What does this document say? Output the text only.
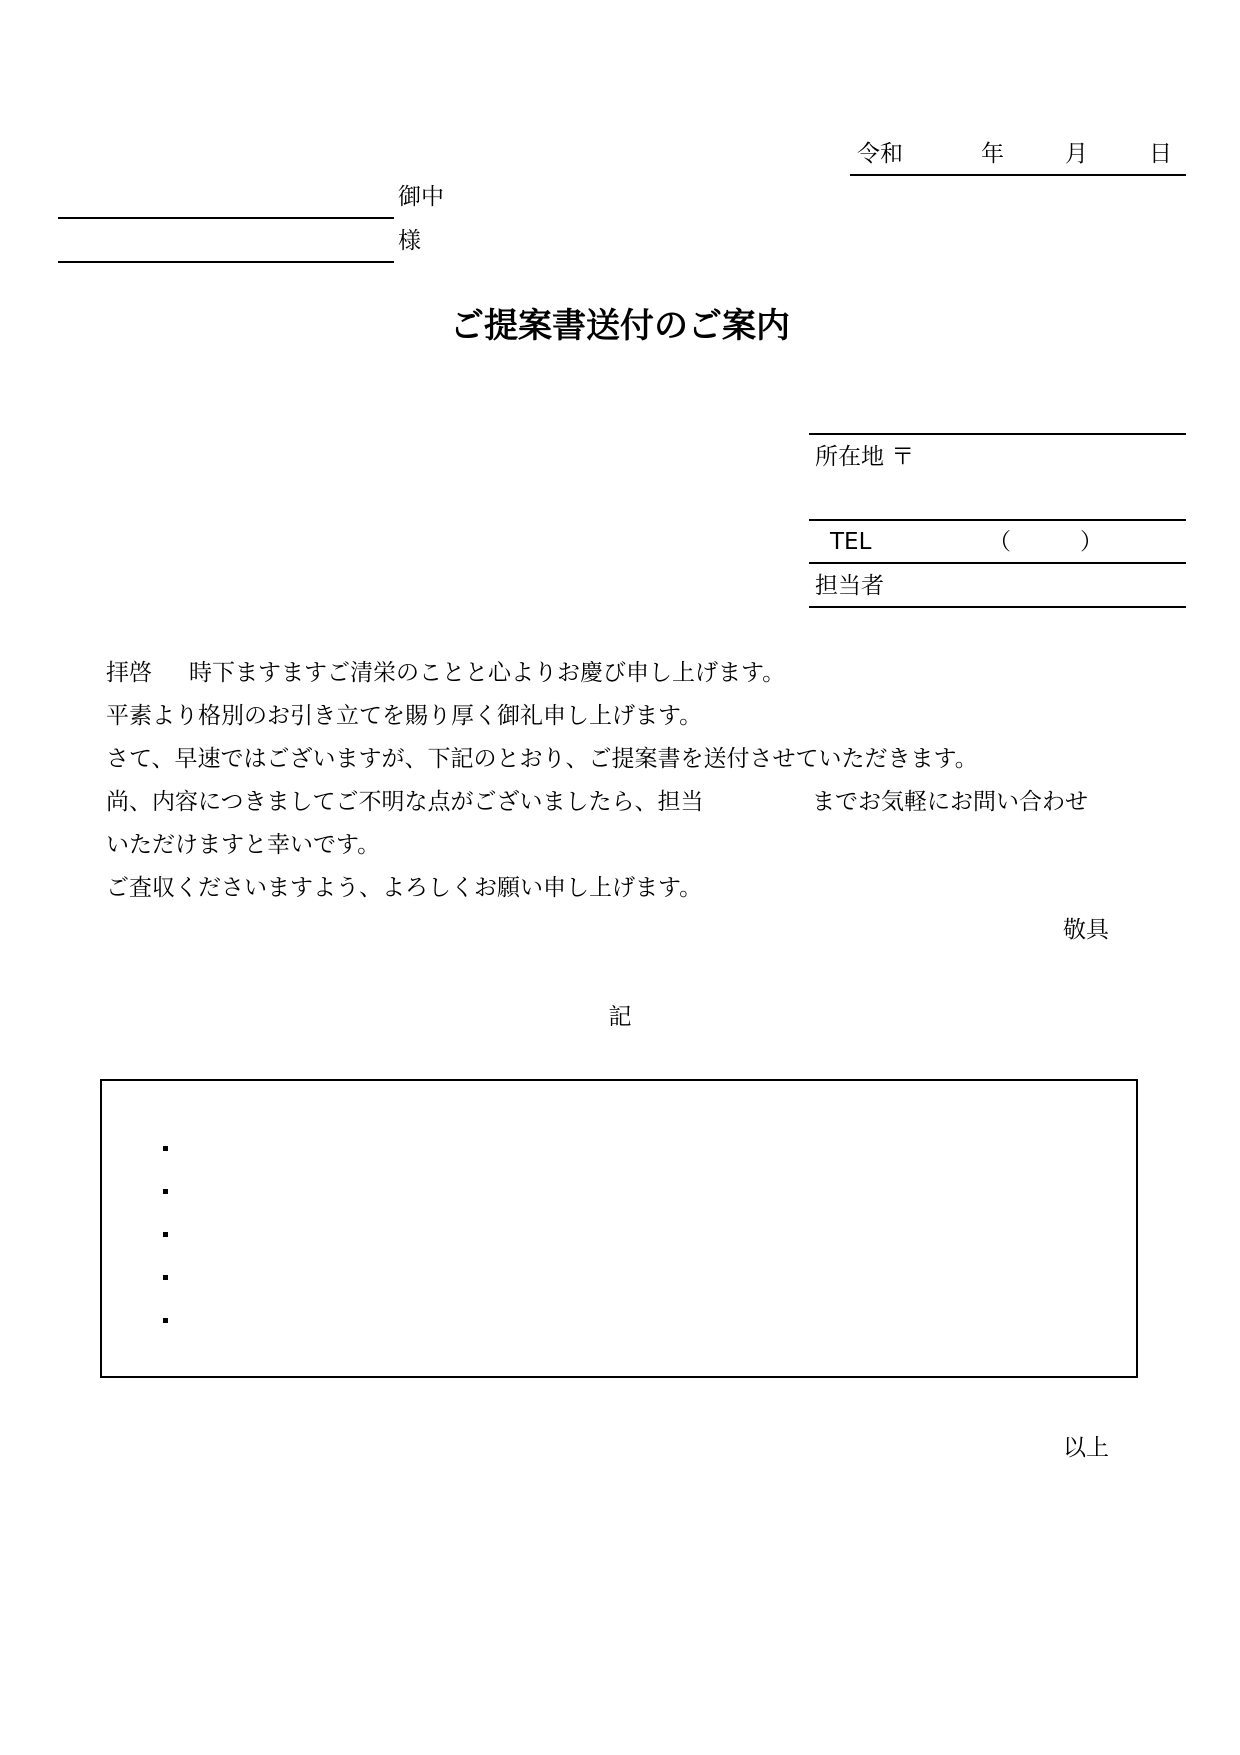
令和	年	月	日
御中
様
ご提案書送付のご案内
所在地 〒
TEL	（	）
担当者
拝啓 時下ますますご清栄のことと心よりお慶び申し上げます。
平素より格別のお引き立てを賜り厚く御礼申し上げます。
さて、早速ではございますが、下記のとおり、ご提案書を送付させていただきます。
尚、内容につきましてご不明な点がございましたら、担当	までお気軽にお問い合わせ
いただけますと幸いです。
ご査収くださいますよう、よろしくお願い申し上げます。
敬具
記
以上
